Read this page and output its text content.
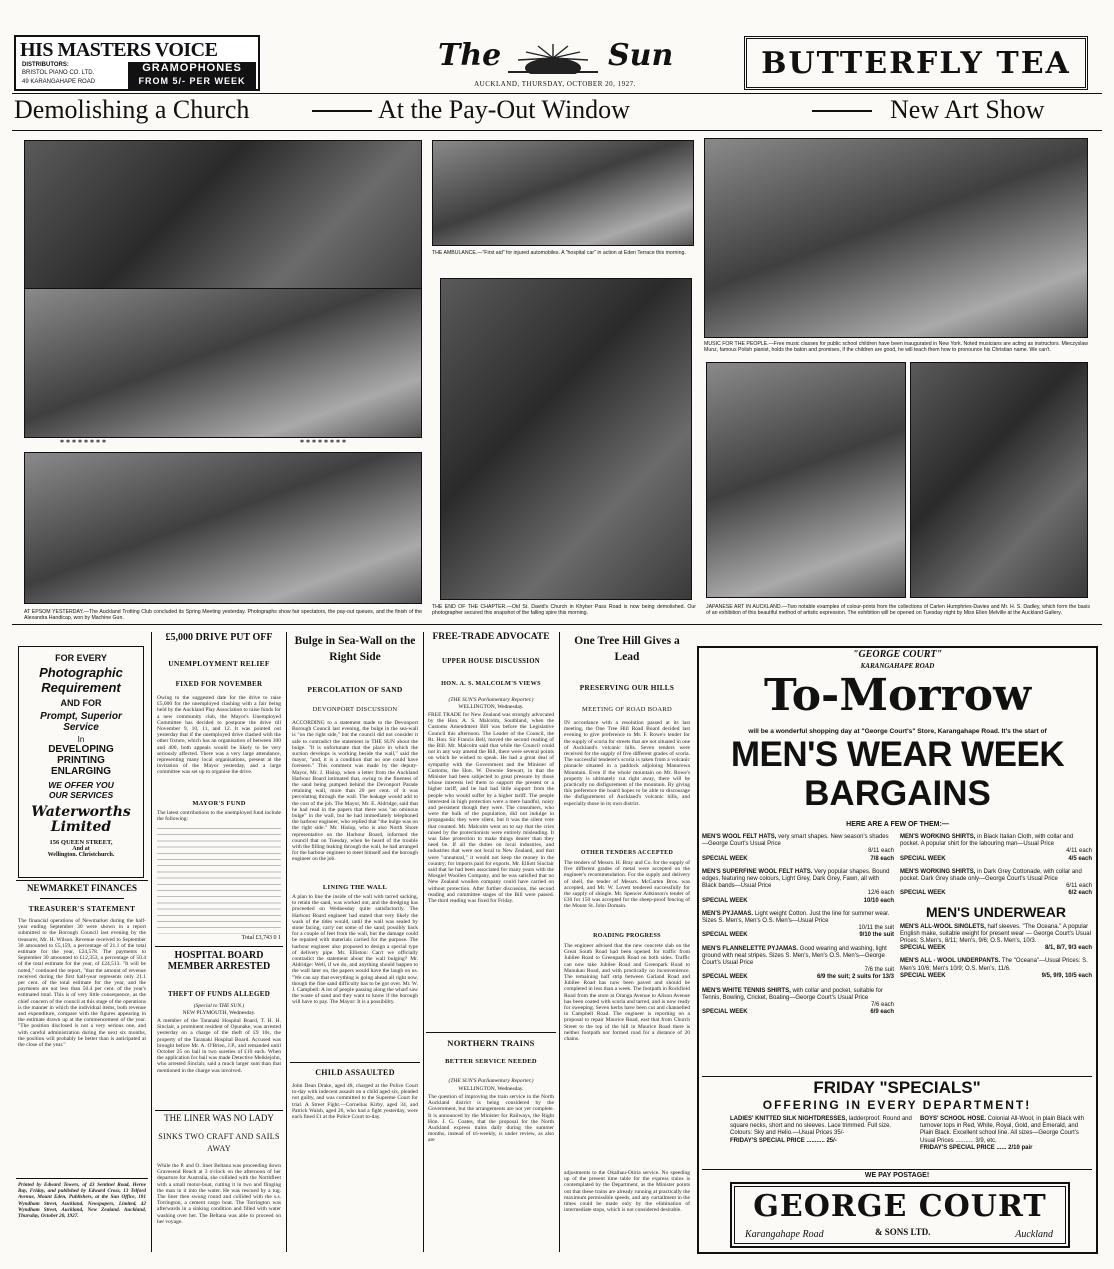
HIS MASTERS VOICE
DISTRIBUTORS:
BRISTOL PIANO CO. LTD.
49 KARANGAHAPE ROAD
GRAMOPHONES
FROM 5/- PER WEEK
The	Sun
AUCKLAND, THURSDAY, OCTOBER 20, 1927.
BUTTERFLY TEA
Demolishing a Church	At the Pay-Out Window	New Art Show
********	********
AT EPSOM YESTERDAY.—The Auckland Trotting Club concluded its Spring Meeting yesterday. Photographs show fair spectators, the pay-out queues, and the finish of the Alexandra Handicap, won by Machine Gun.
THE AMBULANCE.—"First aid" for injured automobiles. A "hospital car" in action at Eden Terrace this morning.
THE END OF THE CHAPTER.—Old St. David's Church in Khyber Pass Road is now being demolished. Our photographer secured this snapshot of the falling spire this morning.
MUSIC FOR THE PEOPLE.—Free music classes for public school children have been inaugurated in New York. Noted musicians are acting as instructors. Mieczyslaw Munz, famous Polish pianist, holds the baton and promises, if the children are good, he will teach them how to pronounce his Christian name. We can't.
JAPANESE ART IN AUCKLAND.—Two notable examples of colour-prints from the collections of Carlen Humphries-Davies and Mr. H. S. Dadley, which form the basis of an exhibition of this beautiful method of artistic expression. The exhibition will be opened on Tuesday night by Miss Ellen Melville at the Auckland Gallery.
FOR EVERY
Photographic
Requirement
AND FOR
Prompt, Superior
Service
In
DEVELOPING
PRINTING
ENLARGING
WE OFFER YOU
OUR SERVICES
Waterworths Limited
156 QUEEN STREET,
And at
Wellington. Christchurch.
NEWMARKET FINANCES
TREASURER'S STATEMENT
The financial operations of Newmarket during the half-year ending September 30 were shown in a report submitted to the Borough Council last evening by the treasurer, Mr. H. Wilson. Revenue received to September 30 amounted to £5,159, a percentage of 21.1 of the total estimate for the year, £24,578. The payments to September 30 amounted to £12,353, a percentage of 50.4 of the total estimate for the year, of £24,513. "It will be noted," continued the report, "that the amount of revenue received during the first half-year represents only 21.1 per cent. of the total estimate for the year, and the payments are not less than 50.4 per cent. of the year's estimated total. This is of very little consequence, as the chief concern of the council at this stage of the operations is the manner in which the individual items, both revenue and expenditure, compare with the figures appearing in the estimate drawn up at the commencement of the year. "The position disclosed is not a very serious one, and with careful administration during the next six months, the position will probably be better than is anticipated at the close of the year."
Printed by Edward Towers, of 43 Sentinel Road, Herne Bay, Friday, and published by Edward Cross, 13 Telford Avenue, Mount Eden, Publishers, at the Sun Office, 101 Wyndham Street, Auckland, Newspapers, Limited, 42 Wyndham Street, Auckland, New Zealand. Auckland, Thursday, October 20, 1927.
£5,000 DRIVE PUT OFF
UNEMPLOYMENT RELIEF
FIXED FOR NOVEMBER
Owing to the suggested date for the drive to raise £5,000 for the unemployed clashing with a fair being held by the Auckland Play Association to raise funds for a new community club, the Mayor's Unemployed Committee has decided to postpone the drive till November 9, 10, 11, and 12. It was pointed out yesterday that if the unemployed drive clashed with the other fixture, which has an organisation of between 300 and 400, both appeals would be likely to be very seriously affected. There was a very large attendance, representing many local organisations, present at the invitation of the Mayor yesterday, and a large committee was set up to organise the drive.
MAYOR'S FUND
The latest contributions to the unemployed fund include the following:
Total £3,743 0 1
HOSPITAL BOARD MEMBER ARRESTED
THEFT OF FUNDS ALLEGED
(Special to THE SUN.)
NEW PLYMOUTH, Wednesday.
A member of the Taranaki Hospital Board, T. H. H. Sinclair, a prominent resident of Opunake, was arrested yesterday on a charge of the theft of £9 10s, the property of the Taranaki Hospital Board. Accused was brought before Mr. A. O'Brien, J.P., and remanded until October 25 on bail in two sureties of £10 each. When the application for bail was made Detective Meiklejohn, who arrested Sinclair, said a much larger sum than that mentioned in the charge was involved.
THE LINER WAS NO LADY
SINKS TWO CRAFT AND SAILS AWAY
While the P. and O. liner Beltana was proceeding down Gravesend Reach at 3 o'clock on the afternoon of her departure for Australia, she collided with the Northfleet with a small motor-boat, cutting it in two and flinging the man in it into the water. He was rescued by a tug. The liner then swung round and collided with the s.s. Torrington, a cement cargo boat. The Torrington was afterwards in a sinking condition and filled with water washing over her. The Beltana was able to proceed on her voyage.
Bulge in Sea-Wall on the Right Side
PERCOLATION OF SAND
DEVONPORT DISCUSSION
ACCORDING to a statement made to the Devonport Borough Council last evening, the bulge in the sea-wall is "on the right side," but the council did not consider it safe to contradict the statement in THE SUN about the bulge. "It is unfortunate that the place in which the suction develops is working beside the wall," said the mayor, "and, it is a condition that no one could have foreseen." This comment was made by the deputy-Mayor, Mr. J. Hislop, when a letter from the Auckland Harbour Board intimated that, owing to the fineness of the sand being pumped behind the Devonport Parade retaining wall, more than 20 per cent. of it was percolating through the wall. The leakage would add to the cost of the job. The Mayor, Mr. E. Aldridge, said that he had read in the papers that there was "an ominous bulge" in the wall, but he had immediately telephoned the harbour engineer, who replied that "the bulge was on the right side." Mr. Hislop, who is also North Shore representative on the Harbour Board, informed the council that on Tuesday, when he heard of the trouble with the filling leaking through the wall, he had arranged for the harbour engineer to meet himself and the borough engineer on the job.
LINING THE WALL
A plan to line the inside of the wall with tarred sacking, to retain the sand, was worked out, and the dredging has proceeded on Wednesday quite satisfactorily. The Harbour Board engineer had stated that very likely the wash of the tides would, until the wall was sealed by stone facing, carry out some of the sand; possibly back for a couple of feet from the wall, but the damage could be repaired with materials carried for the purpose. The harbour engineer also proposed to design a special type of delivery pipe. Mr. Elliston: Can't we officially contradict the statement about the wall bulging? Mr. Aldridge: Well, if we do, and anything should happen to the wall later on, the papers would have the laugh on us. "We can say that everything is going ahead all right now, though the fine sand difficulty has to be got over. Mr. W. J. Campbell: A lot of people passing along the wharf saw the waste of sand and they want to know if the borough will have to pay. The Mayor: It is a possibility.
CHILD ASSAULTED
John Dean Drake, aged 48, charged at the Police Court to-day with indecent assault on a child aged six, pleaded not guilty, and was committed to the Supreme Court for trial. A Street Fight.—Cornelius Kirby, aged 34, and Patrick Walsh, aged 26, who had a fight yesterday, were each fined £1 at the Police Court to-day.
FREE-TRADE ADVOCATE
UPPER HOUSE DISCUSSION
HON. A. S. MALCOLM'S VIEWS
(THE SUN'S Parliamentary Reporter.)
WELLINGTON, Wednesday.
FREE TRADE for New Zealand was strongly advocated by the Hon. A. S. Malcolm, Southland, when the Customs Amendment Bill was before the Legislative Council this afternoon. The Leader of the Council, the Rt. Hon. Sir Francis Bell, moved the second reading of the Bill. Mr. Malcolm said that while the Council could not in any way amend the Bill, there were several points on which he wished to speak. He had a great deal of sympathy with the Government and the Minister of Customs, the Hon. W. Downie Stewart, in that the Minister had been subjected to great pressure by those whose interests led them to support the present or a higher tariff, and he had had little support from the people who would suffer by a higher tariff. The people interested in high protection were a mere handful, noisy and persistent though they were. The consumers, who were the bulk of the population, did not indulge in propaganda; they were silent, but it was the silent vote that counted. Mr. Malcolm went on to say that the cries raised by the protectionists were entirely misleading. It was false protection to make things dearer than they need be. If all the duties on local industries, and industries that were not local to New Zealand, and that were "unnatural," it would not keep the money in the country; for imports paid for exports. Mr. Elliott Sinclair said that he had been associated for many years with the Mosgiel Woollen Company, and he was satisfied that no New Zealand woollen company could have carried on without protection. After further discussion, the second reading and committee stages of the Bill were passed. The third reading was fixed for Friday.
NORTHERN TRAINS
BETTER SERVICE NEEDED
(THE SUN'S Parliamentary Reporter.)
WELLINGTON, Wednesday.
The question of improving the train service in the North Auckland district is being considered by the Government, but the arrangements are not yet complete. It is announced by the Minister for Railways, the Right Hon. J. G. Coates, that the proposal for the North Auckland express trains daily during the summer months, instead of tri-weekly, is under review, as also are
One Tree Hill Gives a Lead
PRESERVING OUR HILLS
MEETING OF ROAD BOARD
IN accordance with a resolution passed at its last meeting, the One Tree Hill Road Board decided last evening to give preference to Mr. F. Rowe's tender for the supply of scoria for streets that are not situated in one of Auckland's volcanic hills. Seven tenders were received for the supply of five different grades of scoria. The successful tenderer's scoria is taken from a volcanic pinnacle situated in a paddock adjoining Manurewa Mountain. Even if the whole mountain on Mr. Rowe's property is ultimately cut right away, there will be practically no disfigurement of the mountain. By giving this preference the board hopes to be able to discourage the disfigurement of Auckland's volcanic hills, and especially those in its own district.
OTHER TENDERS ACCEPTED
The tenders of Messrs. H. Bray and Co. for the supply of five different grades of metal were accepted on the engineer's recommendation. For the supply and delivery of shell, the tender of Messrs. McCarten Bros. was accepted, and Mr. W. Lovett tendered successfully for the supply of shingle. Mr. Spencer Aitkinson's tender of £36 for 150 was accepted for the sheep-proof fencing of the Mount St. John Domain.
ROADING PROGRESS
The engineer advised that the new concrete slab on the Great South Road had been opened for traffic from Jubilee Road to Greenpark Road on both sides. Traffic can now take Jubilee Road and Greenpark Road to Manukau Road, and with practically no inconvenience. The remaining half strip between Garland Road and Jubilee Road has now been paved and should be completed in less than a week. The footpath in Rockfield Road from the store at Oranga Avenue to Alison Avenue has been coated with scoria and tarred, and is now ready for sweeping. Seven kerbs have been cut and channelled in Campbell Road. The engineer is reporting on a proposal to repair Maurice Road, east that from Church Street to the top of the hill in Maurice Road there is neither footpath nor formed road for a distance of 20 chains.
adjustments to the Okaihau-Otiria service. No speeding up of the present time table for the express trains is contemplated by the Department, as the Minister points out that these trains are already running at practically the maximum permissible speeds, and any curtailment in the times could be made only by the elimination of intermediate stops, which is not considered desirable.
"GEORGE COURT"
KARANGAHAPE ROAD
To-Morrow
will be a wonderful shopping day at "George Court's" Store, Karangahape Road. It's the start of
MEN'S WEAR WEEK
BARGAINS
HERE ARE A FEW OF THEM:—
MEN'S WOOL FELT HATS, very smart shapes. New season's shades—George Court's Usual Price
8/11 each
SPECIAL WEEK	7/8 each
MEN'S SUPERFINE WOOL FELT HATS. Very popular shapes. Bound edges, featuring new colours, Light Grey, Dark Grey, Fawn, all with Black bands—Usual Price
12/6 each
SPECIAL WEEK	10/10 each
MEN'S PYJAMAS. Light weight Cotton. Just the line for summer wear. Sizes S. Men's, Men's O.S. Men's—Usual Price
10/11 the suit
SPECIAL WEEK	9/10 the suit
MEN'S FLANNELETTE PYJAMAS. Good wearing and washing, light ground with neat stripes. Sizes S. Men's, Men's O.S. Men's—George Court's Usual Price
7/6 the suit
SPECIAL WEEK	6/9 the suit; 2 suits for 13/3
MEN'S WHITE TENNIS SHIRTS, with collar and pocket, suitable for Tennis, Bowling, Cricket, Boating—George Court's Usual Price
7/6 each
SPECIAL WEEK	6/9 each
MEN'S WORKING SHIRTS, in Black Italian Cloth, with collar and pocket. A popular shirt for the labouring man—Usual Price
4/11 each
SPECIAL WEEK	4/5 each
MEN'S WORKING SHIRTS, in Dark Grey Cottonade, with collar and pocket. Dark Grey shade only—George Court's Usual Price
6/11 each
SPECIAL WEEK	6/2 each
MEN'S UNDERWEAR
MEN'S ALL-WOOL SINGLETS, half sleeves. "The Oceana." A popular English make, suitable weight for present wear — George Court's Usual Prices: S.Men's, 8/11; Men's, 9/6; O.S. Men's, 10/3.
SPECIAL WEEK	8/1, 8/7, 9/3 each
MEN'S ALL - WOOL UNDERPANTS. The "Oceana"—Usual Prices: S. Men's 10/6; Men's 10/9; O.S. Men's, 11/6.
SPECIAL WEEK	9/5, 9/9, 10/5 each
FRIDAY "SPECIALS"
OFFERING IN EVERY DEPARTMENT!
LADIES' KNITTED SILK NIGHTDRESSES, ladderproof. Round and square necks, short and no sleeves. Lace trimmed. Full size. Colours: Sky and Helio.—Usual Prices 35/-
FRIDAY'S SPECIAL PRICE ........... 25/-
BOYS' SCHOOL HOSE. Colonial All-Wool, in plain Black with turnover tops in Red, White, Royal, Gold, and Emerald, and Plain Black. Excellent school line. All sizes—George Court's Usual Prices ........... 3/9, etc.
FRIDAY'S SPECIAL PRICE ...... 2/10 pair
WE PAY POSTAGE!
GEORGE COURT
Karangahape Road	& SONS LTD.	Auckland
